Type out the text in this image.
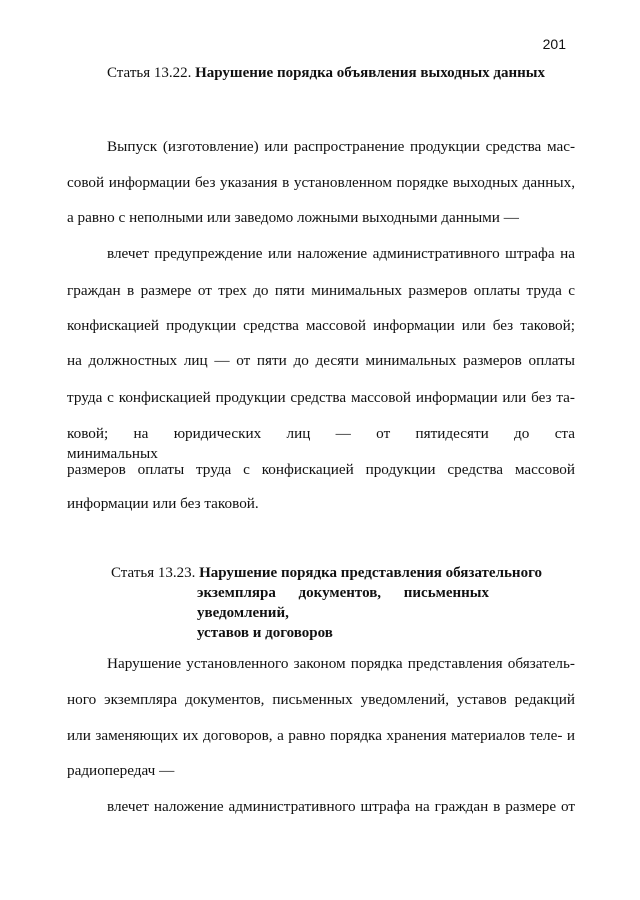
201
Статья 13.22. Нарушение порядка объявления выходных данных
Выпуск (изготовление) или распространение продукции средства мас-
совой информации без указания в установленном порядке выходных данных,
а равно с неполными или заведомо ложными выходными данными —
влечет предупреждение или наложение административного штрафа на
граждан в размере от трех до пяти минимальных размеров оплаты труда с
конфискацией продукции средства массовой информации или без таковой;
на должностных лиц — от пяти до десяти минимальных размеров оплаты
труда с конфискацией продукции средства массовой информации или без та-
ковой; на юридических лиц — от пятидесяти до ста минимальных
размеров оплаты труда с конфискацией продукции средства массовой
информации или без таковой.
Статья 13.23. Нарушение порядка представления обязательного
экземпляра документов, письменных уведомлений,
уставов и договоров
Нарушение установленного законом порядка представления обязатель-
ного экземпляра документов, письменных уведомлений, уставов редакций
или заменяющих их договоров, а равно порядка хранения материалов теле- и
радиопередач —
влечет наложение административного штрафа на граждан в размере от
